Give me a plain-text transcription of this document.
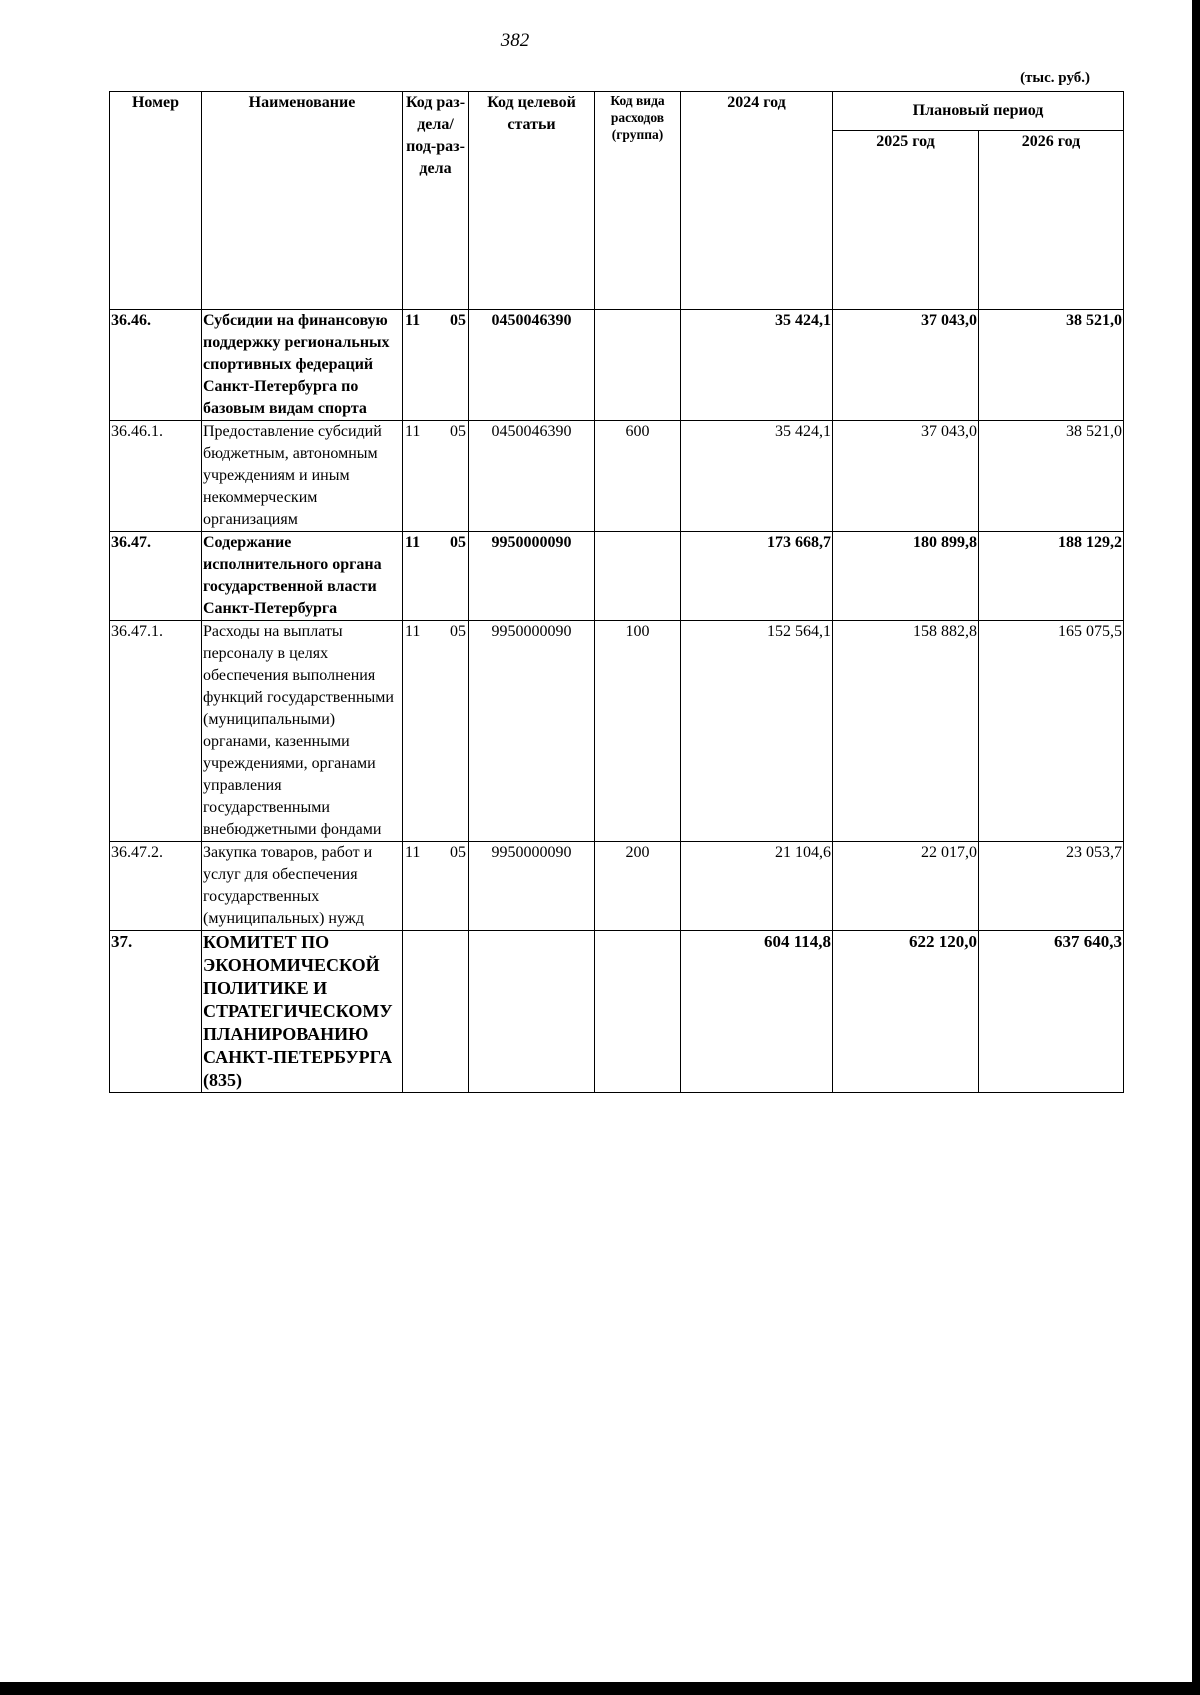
382
(тыс. руб.)
Номер	Наименование	Код раз-дела/ под-раз-дела	Код целевой статьи	Код вида расходов (группа)	2024 год	Плановый период	
						2025 год	2026 год
36.46.	Субсидии на финансовую поддержку региональных спортивных федераций Санкт-Петербурга по базовым видам спорта	11 05	0450046390		35 424,1	37 043,0	38 521,0
36.46.1.	Предоставление субсидий бюджетным, автономным учреждениям и иным некоммерческим организациям	11 05	0450046390	600	35 424,1	37 043,0	38 521,0
36.47.	Содержание исполнительного органа государственной власти Санкт-Петербурга	11 05	9950000090		173 668,7	180 899,8	188 129,2
36.47.1.	Расходы на выплаты персоналу в целях обеспечения выполнения функций государственными (муниципальными) органами, казенными учреждениями, органами управления государственными внебюджетными фондами	11 05	9950000090	100	152 564,1	158 882,8	165 075,5
36.47.2.	Закупка товаров, работ и услуг для обеспечения государственных (муниципальных) нужд	11 05	9950000090	200	21 104,6	22 017,0	23 053,7
37.	КОМИТЕТ ПО ЭКОНОМИЧЕСКОЙ ПОЛИТИКЕ И СТРАТЕГИЧЕСКОМУ ПЛАНИРОВАНИЮ САНКТ-ПЕТЕРБУРГА (835)				604 114,8	622 120,0	637 640,3
